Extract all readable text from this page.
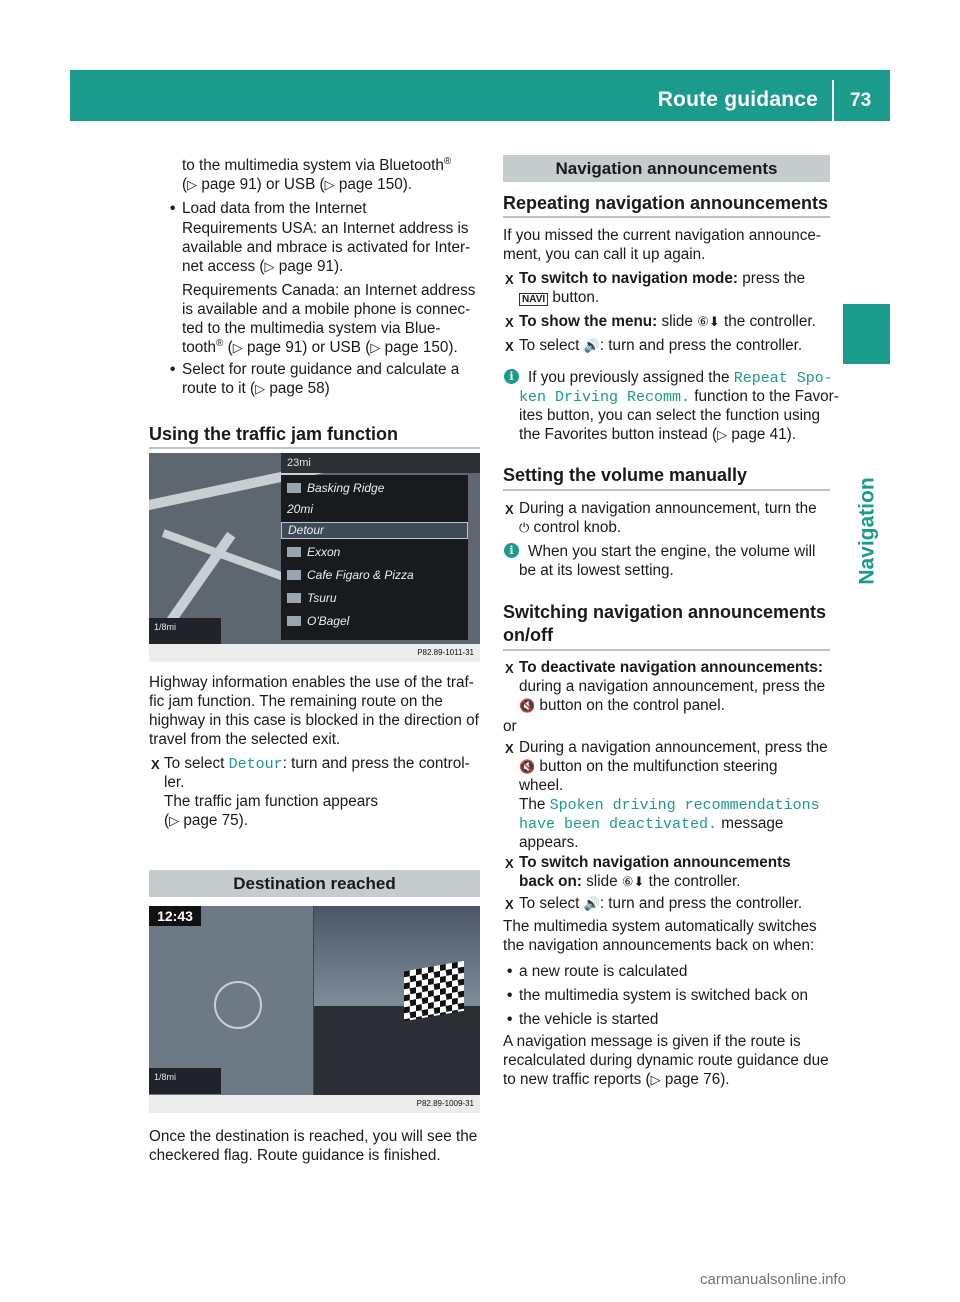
Route guidance 73
Navigation
to the multimedia system via Bluetooth®
(▷ page 91) or USB (▷ page 150).
• Load data from the Internet
Requirements USA: an Internet address is
available and mbrace is activated for Inter-
net access (▷ page 91).
Requirements Canada: an Internet address
is available and a mobile phone is connec-
ted to the multimedia system via Blue-
tooth® (▷ page 91) or USB (▷ page 150).
• Select for route guidance and calculate a
route to it (▷ page 58)
Using the traffic jam function
23mi
Basking Ridge
20mi
Detour
Exxon
Cafe Figaro & Pizza
Tsuru
O'Bagel
1/8mi
P82.89-1011-31
Highway information enables the use of the traf-
fic jam function. The remaining route on the
highway in this case is blocked in the direction of
travel from the selected exit.
X To select Detour: turn and press the control-
ler.
The traffic jam function appears
(▷ page 75).
Destination reached
12:43
1/8mi
P82.89-1009-31
Once the destination is reached, you will see the
checkered flag. Route guidance is finished.
Navigation announcements
Repeating navigation announcements
If you missed the current navigation announce-
ment, you can call it up again.
X To switch to navigation mode: press the
NAVI button.
X To show the menu: slide ⑥⬇ the controller.
X To select 🔊: turn and press the controller.
i If you previously assigned the Repeat Spo‑
ken Driving Recomm. function to the Favor-
ites button, you can select the function using
the Favorites button instead (▷ page 41).
Setting the volume manually
X During a navigation announcement, turn the
⏻ control knob.
i When you start the engine, the volume will
be at its lowest setting.
Switching navigation announcements
on/off
X To deactivate navigation announcements:
during a navigation announcement, press the
🔇 button on the control panel.
or
X During a navigation announcement, press the
🔇 button on the multifunction steering
wheel.
The Spoken driving recommendations
have been deactivated. message
appears.
X To switch navigation announcements
back on: slide ⑥⬇ the controller.
X To select 🔊: turn and press the controller.
The multimedia system automatically switches
the navigation announcements back on when:
• a new route is calculated
• the multimedia system is switched back on
• the vehicle is started
A navigation message is given if the route is
recalculated during dynamic route guidance due
to new traffic reports (▷ page 76).
carmanualsonline.info
